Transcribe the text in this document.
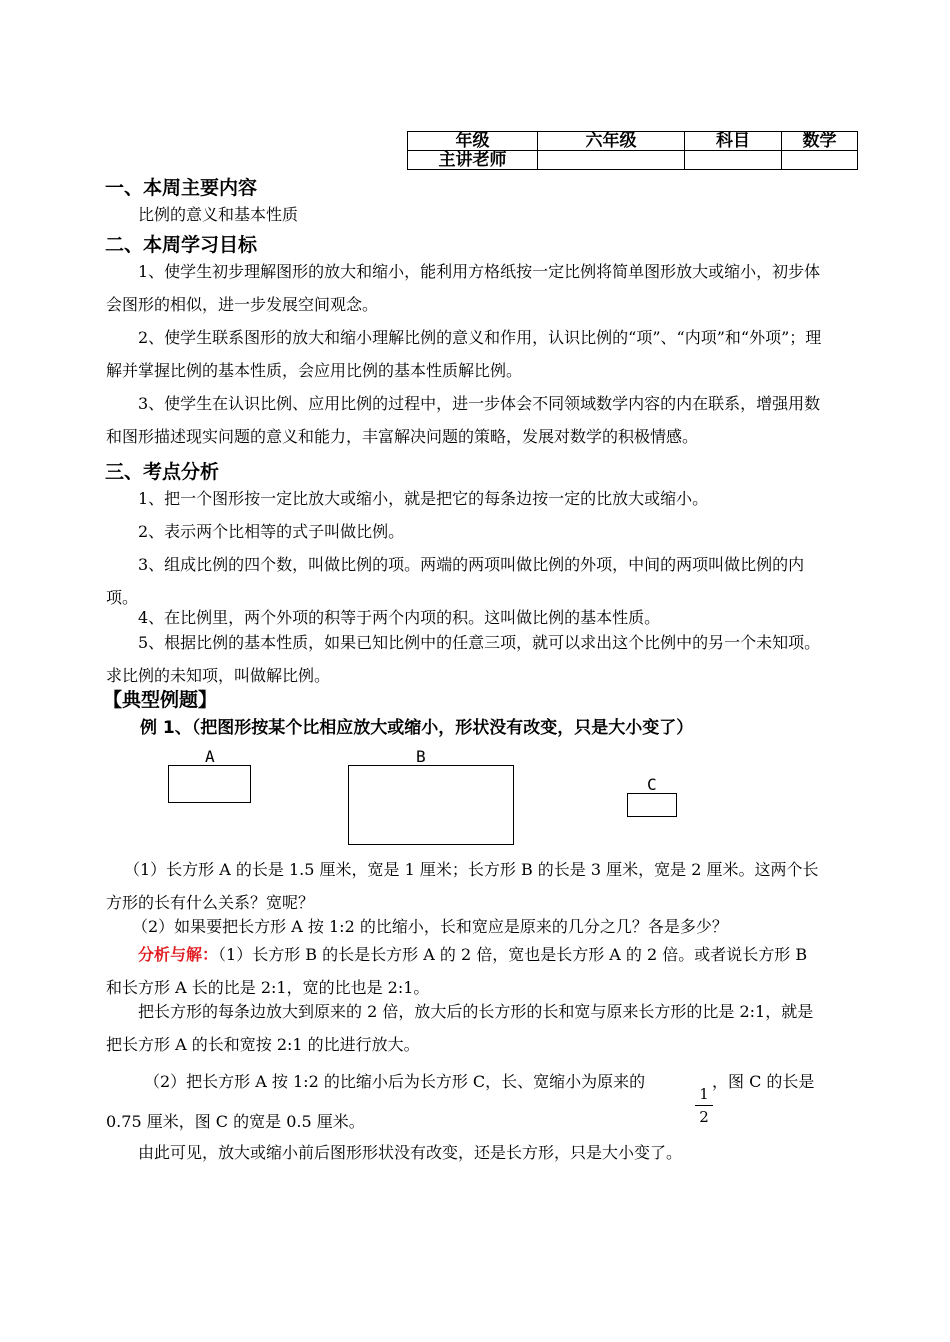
年级	六年级	科目	数学
主讲老师			
一、本周主要内容
比例的意义和基本性质
二、本周学习目标
1、使学生初步理解图形的放大和缩小，能利用方格纸按一定比例将简单图形放大或缩小，初步体会图形的相似，进一步发展空间观念。
2、使学生联系图形的放大和缩小理解比例的意义和作用，认识比例的“项”、“内项”和“外项”；理解并掌握比例的基本性质，会应用比例的基本性质解比例。
3、使学生在认识比例、应用比例的过程中，进一步体会不同领域数学内容的内在联系，增强用数和图形描述现实问题的意义和能力，丰富解决问题的策略，发展对数学的积极情感。
三、考点分析
1、把一个图形按一定比放大或缩小，就是把它的每条边按一定的比放大或缩小。
2、表示两个比相等的式子叫做比例。
3、组成比例的四个数，叫做比例的项。两端的两项叫做比例的外项，中间的两项叫做比例的内项。
4、在比例里，两个外项的积等于两个内项的积。这叫做比例的基本性质。
5、根据比例的基本性质，如果已知比例中的任意三项，就可以求出这个比例中的另一个未知项。求比例的未知项，叫做解比例。
【典型例题】
例 1、（把图形按某个比相应放大或缩小，形状没有改变，只是大小变了）
A	B
C
（1）长方形 A 的长是 1.5 厘米，宽是 1 厘米；长方形 B 的长是 3 厘米，宽是 2 厘米。这两个长方形的长有什么关系？宽呢？
（2）如果要把长方形 A 按 1:2 的比缩小，长和宽应是原来的几分之几？各是多少？
分析与解：（1）长方形 B 的长是长方形 A 的 2 倍，宽也是长方形 A 的 2 倍。或者说长方形 B 和长方形 A 长的比是 2:1，宽的比也是 2:1。
把长方形的每条边放大到原来的 2 倍，放大后的长方形的长和宽与原来长方形的比是 2:1，就是把长方形 A 的长和宽按 2:1 的比进行放大。
（2）把长方形 A 按 1:2 的比缩小后为长方形 C，长、宽缩小为原来的
1
2
，图 C 的长是
0.75 厘米，图 C 的宽是 0.5 厘米。
由此可见，放大或缩小前后图形形状没有改变，还是长方形，只是大小变了。
